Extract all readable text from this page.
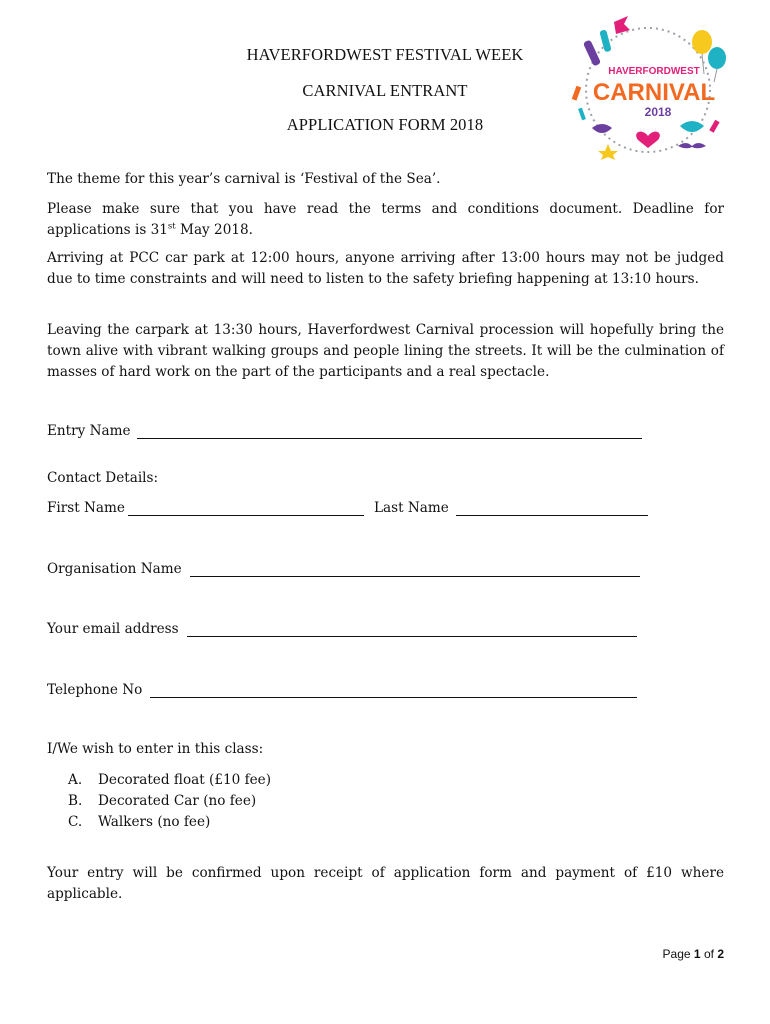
HAVERFORDWEST FESTIVAL WEEK
CARNIVAL ENTRANT
APPLICATION FORM 2018
HAVERFORDWEST
CARNIVAL
2018
The theme for this year’s carnival is ‘Festival of the Sea’.
Please make sure that you have read the terms and conditions document. Deadline for applications is 31st May 2018.
Arriving at PCC car park at 12:00 hours, anyone arriving after 13:00 hours may not be judged due to time constraints and will need to listen to the safety briefing happening at 13:10 hours.
Leaving the carpark at 13:30 hours, Haverfordwest Carnival procession will hopefully bring the town alive with vibrant walking groups and people lining the streets. It will be the culmination of masses of hard work on the part of the participants and a real spectacle.
Entry Name
Contact Details:
First Name	Last Name
Organisation Name
Your email address
Telephone No
I/We wish to enter in this class:
A.	Decorated float (£10 fee)
B.	Decorated Car (no fee)
C.	Walkers (no fee)
Your entry will be confirmed upon receipt of application form and payment of £10 where applicable.
Page 1 of 2
